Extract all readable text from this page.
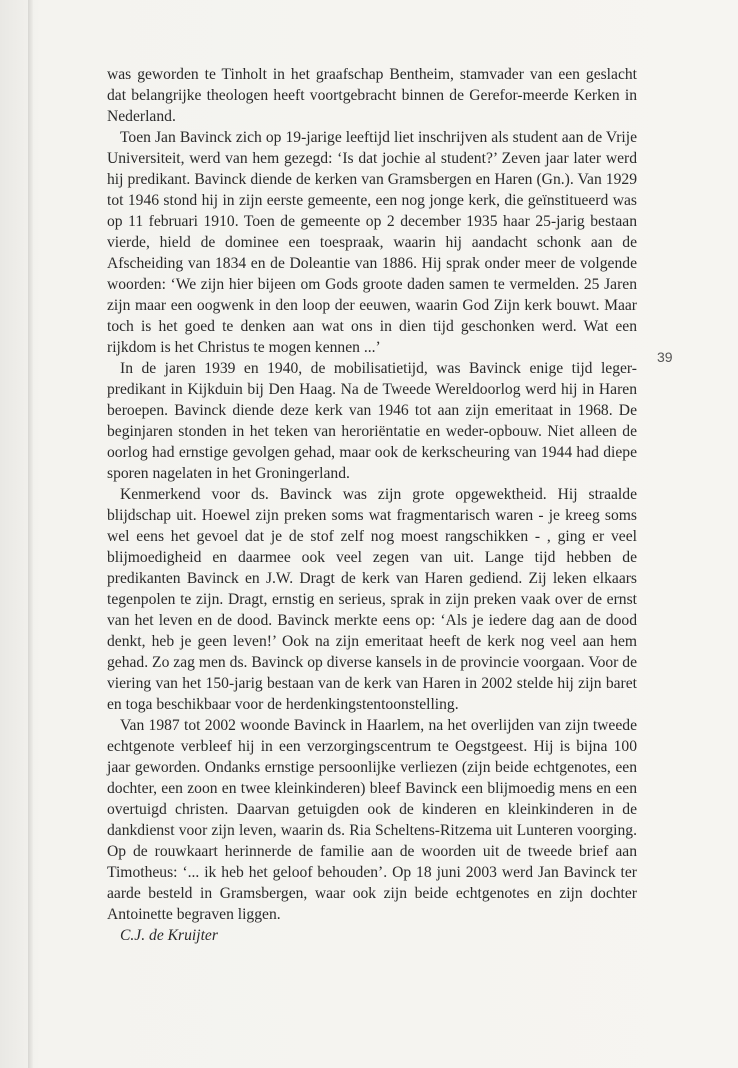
was geworden te Tinholt in het graafschap Bentheim, stamvader van een geslacht dat belangrijke theologen heeft voortgebracht binnen de Gerefor-meerde Kerken in Nederland.

Toen Jan Bavinck zich op 19-jarige leeftijd liet inschrijven als student aan de Vrije Universiteit, werd van hem gezegd: ‘Is dat jochie al student?’ Zeven jaar later werd hij predikant. Bavinck diende de kerken van Gramsbergen en Haren (Gn.). Van 1929 tot 1946 stond hij in zijn eerste gemeente, een nog jonge kerk, die geïnstitueerd was op 11 februari 1910. Toen de gemeente op 2 december 1935 haar 25-jarig bestaan vierde, hield de dominee een toespraak, waarin hij aandacht schonk aan de Afscheiding van 1834 en de Doleantie van 1886. Hij sprak onder meer de volgende woorden: ‘We zijn hier bijeen om Gods groote daden samen te vermelden. 25 Jaren zijn maar een oogwenk in den loop der eeuwen, waarin God Zijn kerk bouwt. Maar toch is het goed te denken aan wat ons in dien tijd geschonken werd. Wat een rijkdom is het Christus te mogen kennen ...’

In de jaren 1939 en 1940, de mobilisatietijd, was Bavinck enige tijd leger-predikant in Kijkduin bij Den Haag. Na de Tweede Wereldoorlog werd hij in Haren beroepen. Bavinck diende deze kerk van 1946 tot aan zijn emeritaat in 1968. De beginjaren stonden in het teken van heroriëntatie en weder-opbouw. Niet alleen de oorlog had ernstige gevolgen gehad, maar ook de kerkscheuring van 1944 had diepe sporen nagelaten in het Groningerland.

Kenmerkend voor ds. Bavinck was zijn grote opgewektheid. Hij straalde blijdschap uit. Hoewel zijn preken soms wat fragmentarisch waren - je kreeg soms wel eens het gevoel dat je de stof zelf nog moest rangschikken - , ging er veel blijmoedigheid en daarmee ook veel zegen van uit. Lange tijd hebben de predikanten Bavinck en J.W. Dragt de kerk van Haren gediend. Zij leken elkaars tegenpolen te zijn. Dragt, ernstig en serieus, sprak in zijn preken vaak over de ernst van het leven en de dood. Bavinck merkte eens op: ‘Als je iedere dag aan de dood denkt, heb je geen leven!’ Ook na zijn emeritaat heeft de kerk nog veel aan hem gehad. Zo zag men ds. Bavinck op diverse kansels in de provincie voorgaan. Voor de viering van het 150-jarig bestaan van de kerk van Haren in 2002 stelde hij zijn baret en toga beschikbaar voor de herdenkingstentoonstelling.

Van 1987 tot 2002 woonde Bavinck in Haarlem, na het overlijden van zijn tweede echtgenote verbleef hij in een verzorgingscentrum te Oegstgeest. Hij is bijna 100 jaar geworden. Ondanks ernstige persoonlijke verliezen (zijn beide echtgenotes, een dochter, een zoon en twee kleinkinderen) bleef Bavinck een blijmoedig mens en een overtuigd christen. Daarvan getuigden ook de kinderen en kleinkinderen in de dankdienst voor zijn leven, waarin ds. Ria Scheltens-Ritzema uit Lunteren voorging. Op de rouwkaart herinnerde de familie aan de woorden uit de tweede brief aan Timotheus: ‘... ik heb het geloof behouden’. Op 18 juni 2003 werd Jan Bavinck ter aarde besteld in Gramsbergen, waar ook zijn beide echtgenotes en zijn dochter Antoinette begraven liggen.

C.J. de Kruijter

39
